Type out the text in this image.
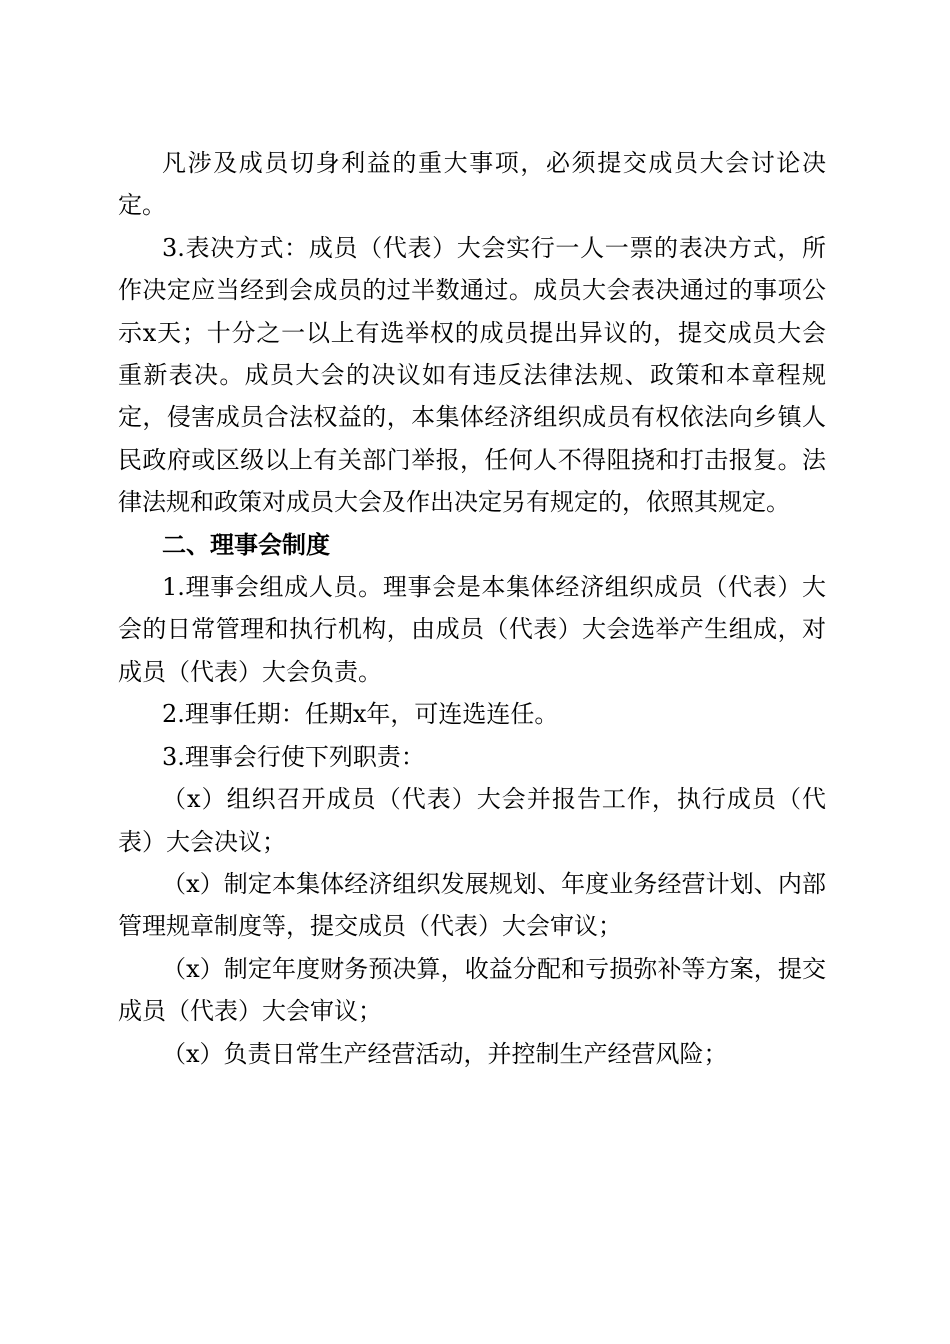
凡涉及成员切身利益的重大事项，必须提交成员大会讨论决定。

3.表决方式：成员（代表）大会实行一人一票的表决方式，所作决定应当经到会成员的过半数通过。成员大会表决通过的事项公示x天；十分之一以上有选举权的成员提出异议的，提交成员大会重新表决。成员大会的决议如有违反法律法规、政策和本章程规定，侵害成员合法权益的，本集体经济组织成员有权依法向乡镇人民政府或区级以上有关部门举报，任何人不得阻挠和打击报复。法律法规和政策对成员大会及作出决定另有规定的，依照其规定。

二、理事会制度

1.理事会组成人员。理事会是本集体经济组织成员（代表）大会的日常管理和执行机构，由成员（代表）大会选举产生组成，对成员（代表）大会负责。

2.理事任期：任期x年，可连选连任。

3.理事会行使下列职责：

（x）组织召开成员（代表）大会并报告工作，执行成员（代表）大会决议；

（x）制定本集体经济组织发展规划、年度业务经营计划、内部管理规章制度等，提交成员（代表）大会审议；

（x）制定年度财务预决算，收益分配和亏损弥补等方案，提交成员（代表）大会审议；

（x）负责日常生产经营活动，并控制生产经营风险；
